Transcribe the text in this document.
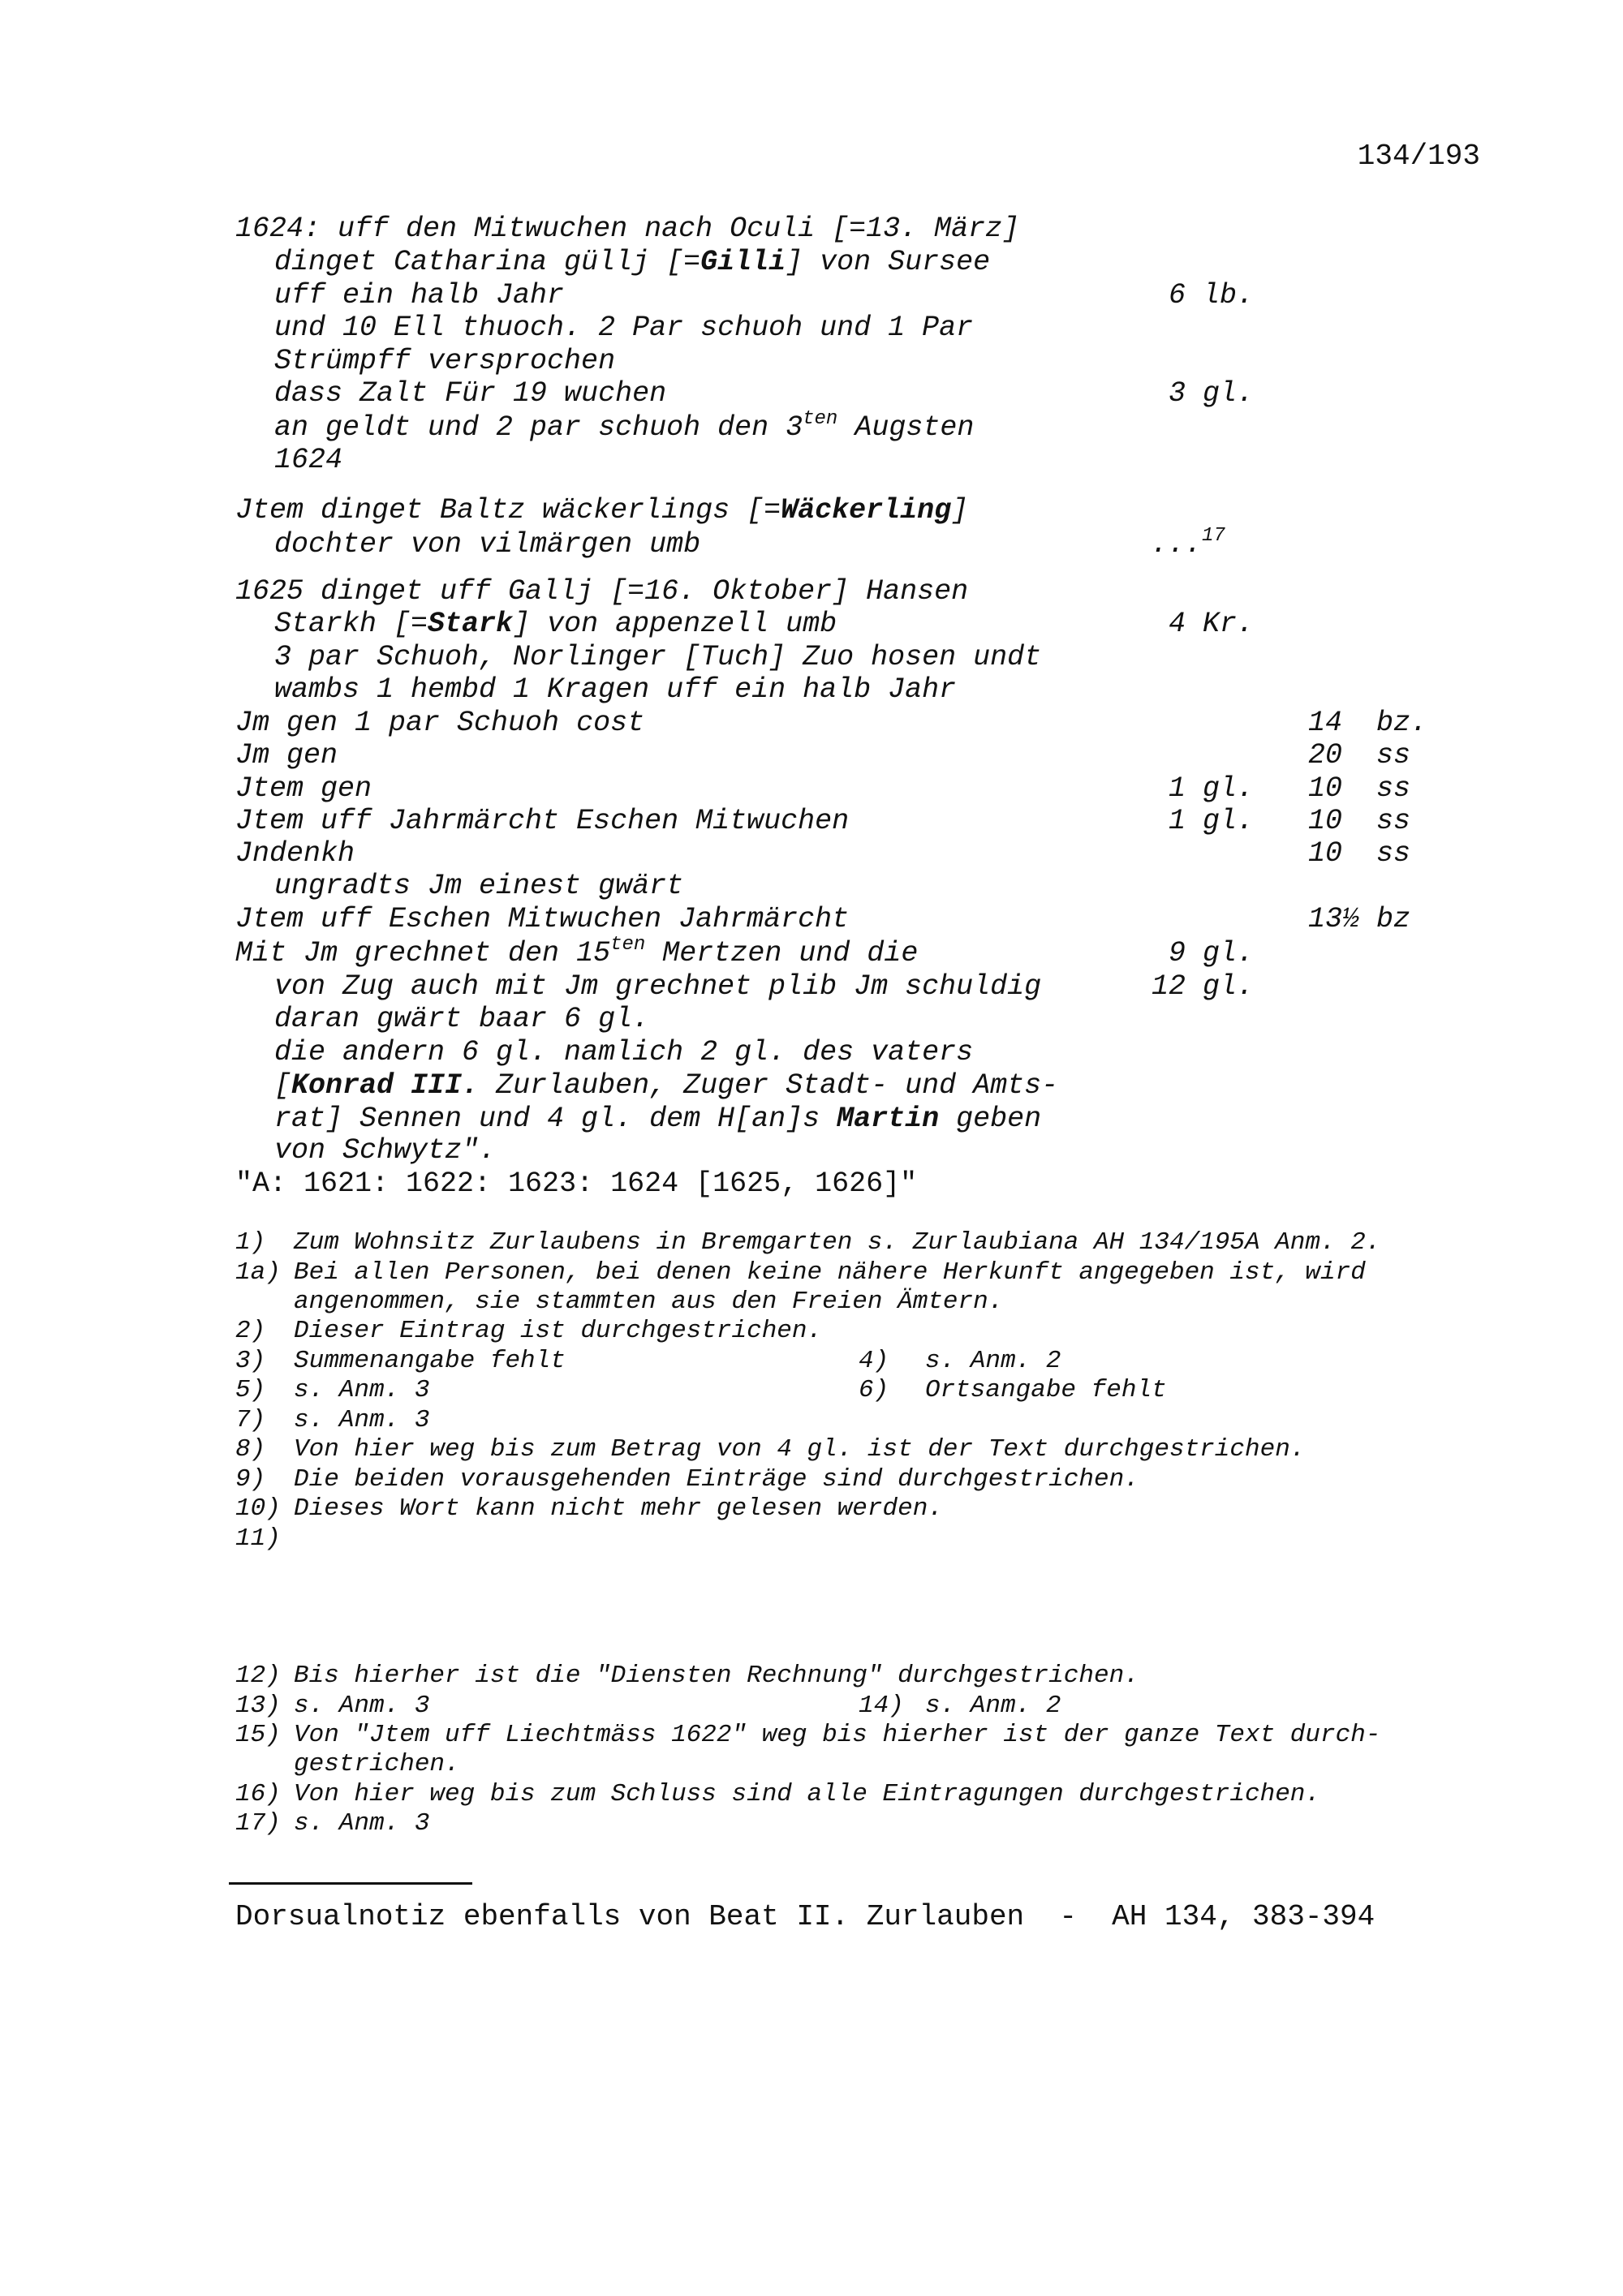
134/193
1624: uff den Mitwuchen nach Oculi [=13. März]
dinget Catharina güllj [=Gilli] von Sursee
uff ein halb Jahr	6 lb.
und 10 Ell thuoch. 2 Par schuoh und 1 Par
Strümpff versprochen
dass Zalt Für 19 wuchen	3 gl.
an geldt und 2 par schuoh den $3^{ten}$ Augsten
1624
Jtem dinget Baltz wäckerlings [=Wäckerling]
dochter von vilmärgen umb	...$^{17}$
1625 dinget uff Gallj [=16. Oktober] Hansen
Starkh [=Stark] von appenzell umb	4 Kr.
3 par Schuoh, Norlinger [Tuch] Zuo hosen undt
wambs 1 hembd 1 Kragen uff ein halb Jahr
Jm gen 1 par Schuoh cost	14  bz.
Jm gen	20  ss
Jtem gen	1 gl. 10  ss
Jtem uff Jahrmärcht Eschen Mitwuchen	1 gl. 10  ss
Jndenkh	10  ss
ungradts Jm einest gwärt
Jtem uff Eschen Mitwuchen Jahrmärcht	13½ bz
Mit Jm grechnet den $15^{ten}$ Mertzen und die	9 gl.
von Zug auch mit Jm grechnet plib Jm schuldig	12 gl.
daran gwärt baar 6 gl.
die andern 6 gl. namlich 2 gl. des vaters
[Konrad III. Zurlauben, Zuger Stadt- und Amts-
rat] Sennen und 4 gl. dem H[an]s Martin geben
von Schwytz".
"A: 1621: 1622: 1623: 1624 [1625, 1626]"
1) Zum Wohnsitz Zurlaubens in Bremgarten s. Zurlaubiana AH 134/195A Anm. 2.
1a) Bei allen Personen, bei denen keine nähere Herkunft angegeben ist, wird
angenommen, sie stammten aus den Freien Ämtern.
2) Dieser Eintrag ist durchgestrichen.
3) Summenangabe fehlt	4) s. Anm. 2
5) s. Anm. 3	6) Ortsangabe fehlt
7) s. Anm. 3
8) Von hier weg bis zum Betrag von 4 gl. ist der Text durchgestrichen.
9) Die beiden vorausgehenden Einträge sind durchgestrichen.
10) Dieses Wort kann nicht mehr gelesen werden.
11)
12) Bis hierher ist die "Diensten Rechnung" durchgestrichen.
13) s. Anm. 3	14) s. Anm. 2
15) Von "Jtem uff Liechtmäss 1622" weg bis hierher ist der ganze Text durch-
gestrichen.
16) Von hier weg bis zum Schluss sind alle Eintragungen durchgestrichen.
17) s. Anm. 3
Dorsualnotiz ebenfalls von Beat II. Zurlauben  -  AH 134, 383-394
